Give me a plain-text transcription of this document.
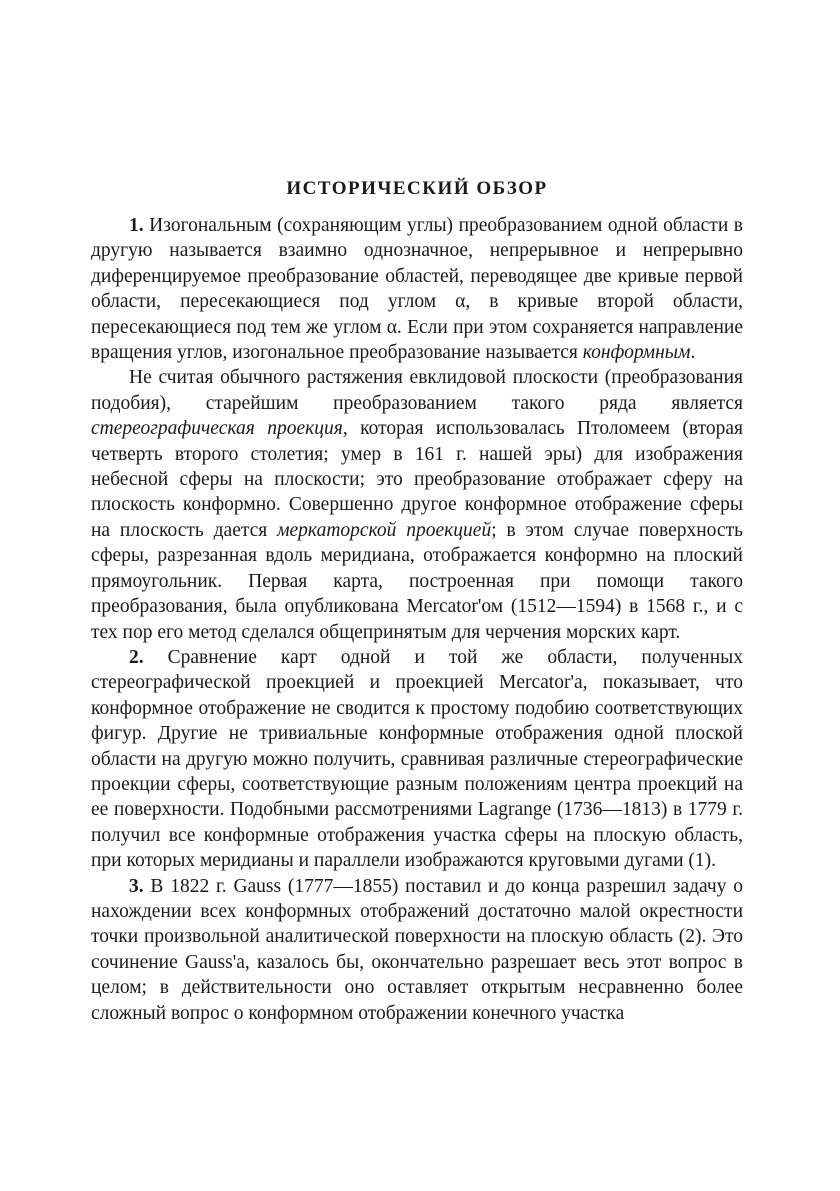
ИСТОРИЧЕСКИЙ ОБЗОР

1. Изогональным (сохраняющим углы) преобразованием одной области в другую называется взаимно однозначное, непрерывное и непрерывно диференцируемое преобразование областей, переводящее две кривые первой области, пересекающиеся под углом α, в кривые второй области, пересекающиеся под тем же углом α. Если при этом сохраняется направление вращения углов, изогональное преобразование называется конформным.

Не считая обычного растяжения евклидовой плоскости (преобразования подобия), старейшим преобразованием такого ряда является стереографическая проекция, которая использовалась Птоломеем (вторая четверть второго столетия; умер в 161 г. нашей эры) для изображения небесной сферы на плоскости; это преобразование отображает сферу на плоскость конформно. Совершенно другое конформное отображение сферы на плоскость дается меркаторской проекцией; в этом случае поверхность сферы, разрезанная вдоль меридиана, отображается конформно на плоский прямоугольник. Первая карта, построенная при помощи такого преобразования, была опубликована Mercator'ом (1512—1594) в 1568 г., и с тех пор его метод сделался общепринятым для черчения морских карт.

2. Сравнение карт одной и той же области, полученных стереографической проекцией и проекцией Mercator'а, показывает, что конформное отображение не сводится к простому подобию соответствующих фигур. Другие не тривиальные конформные отображения одной плоской области на другую можно получить, сравнивая различные стереографические проекции сферы, соответствующие разным положениям центра проекций на ее поверхности. Подобными рассмотрениями Lagrange (1736—1813) в 1779 г. получил все конформные отображения участка сферы на плоскую область, при которых меридианы и параллели изображаются круговыми дугами (1).

3. В 1822 г. Gauss (1777—1855) поставил и до конца разрешил задачу о нахождении всех конформных отображений достаточно малой окрестности точки произвольной аналитической поверхности на плоскую область (2). Это сочинение Gauss'а, казалось бы, окончательно разрешает весь этот вопрос в целом; в действительности оно оставляет открытым несравненно более сложный вопрос о конформном отображении конечного участка
